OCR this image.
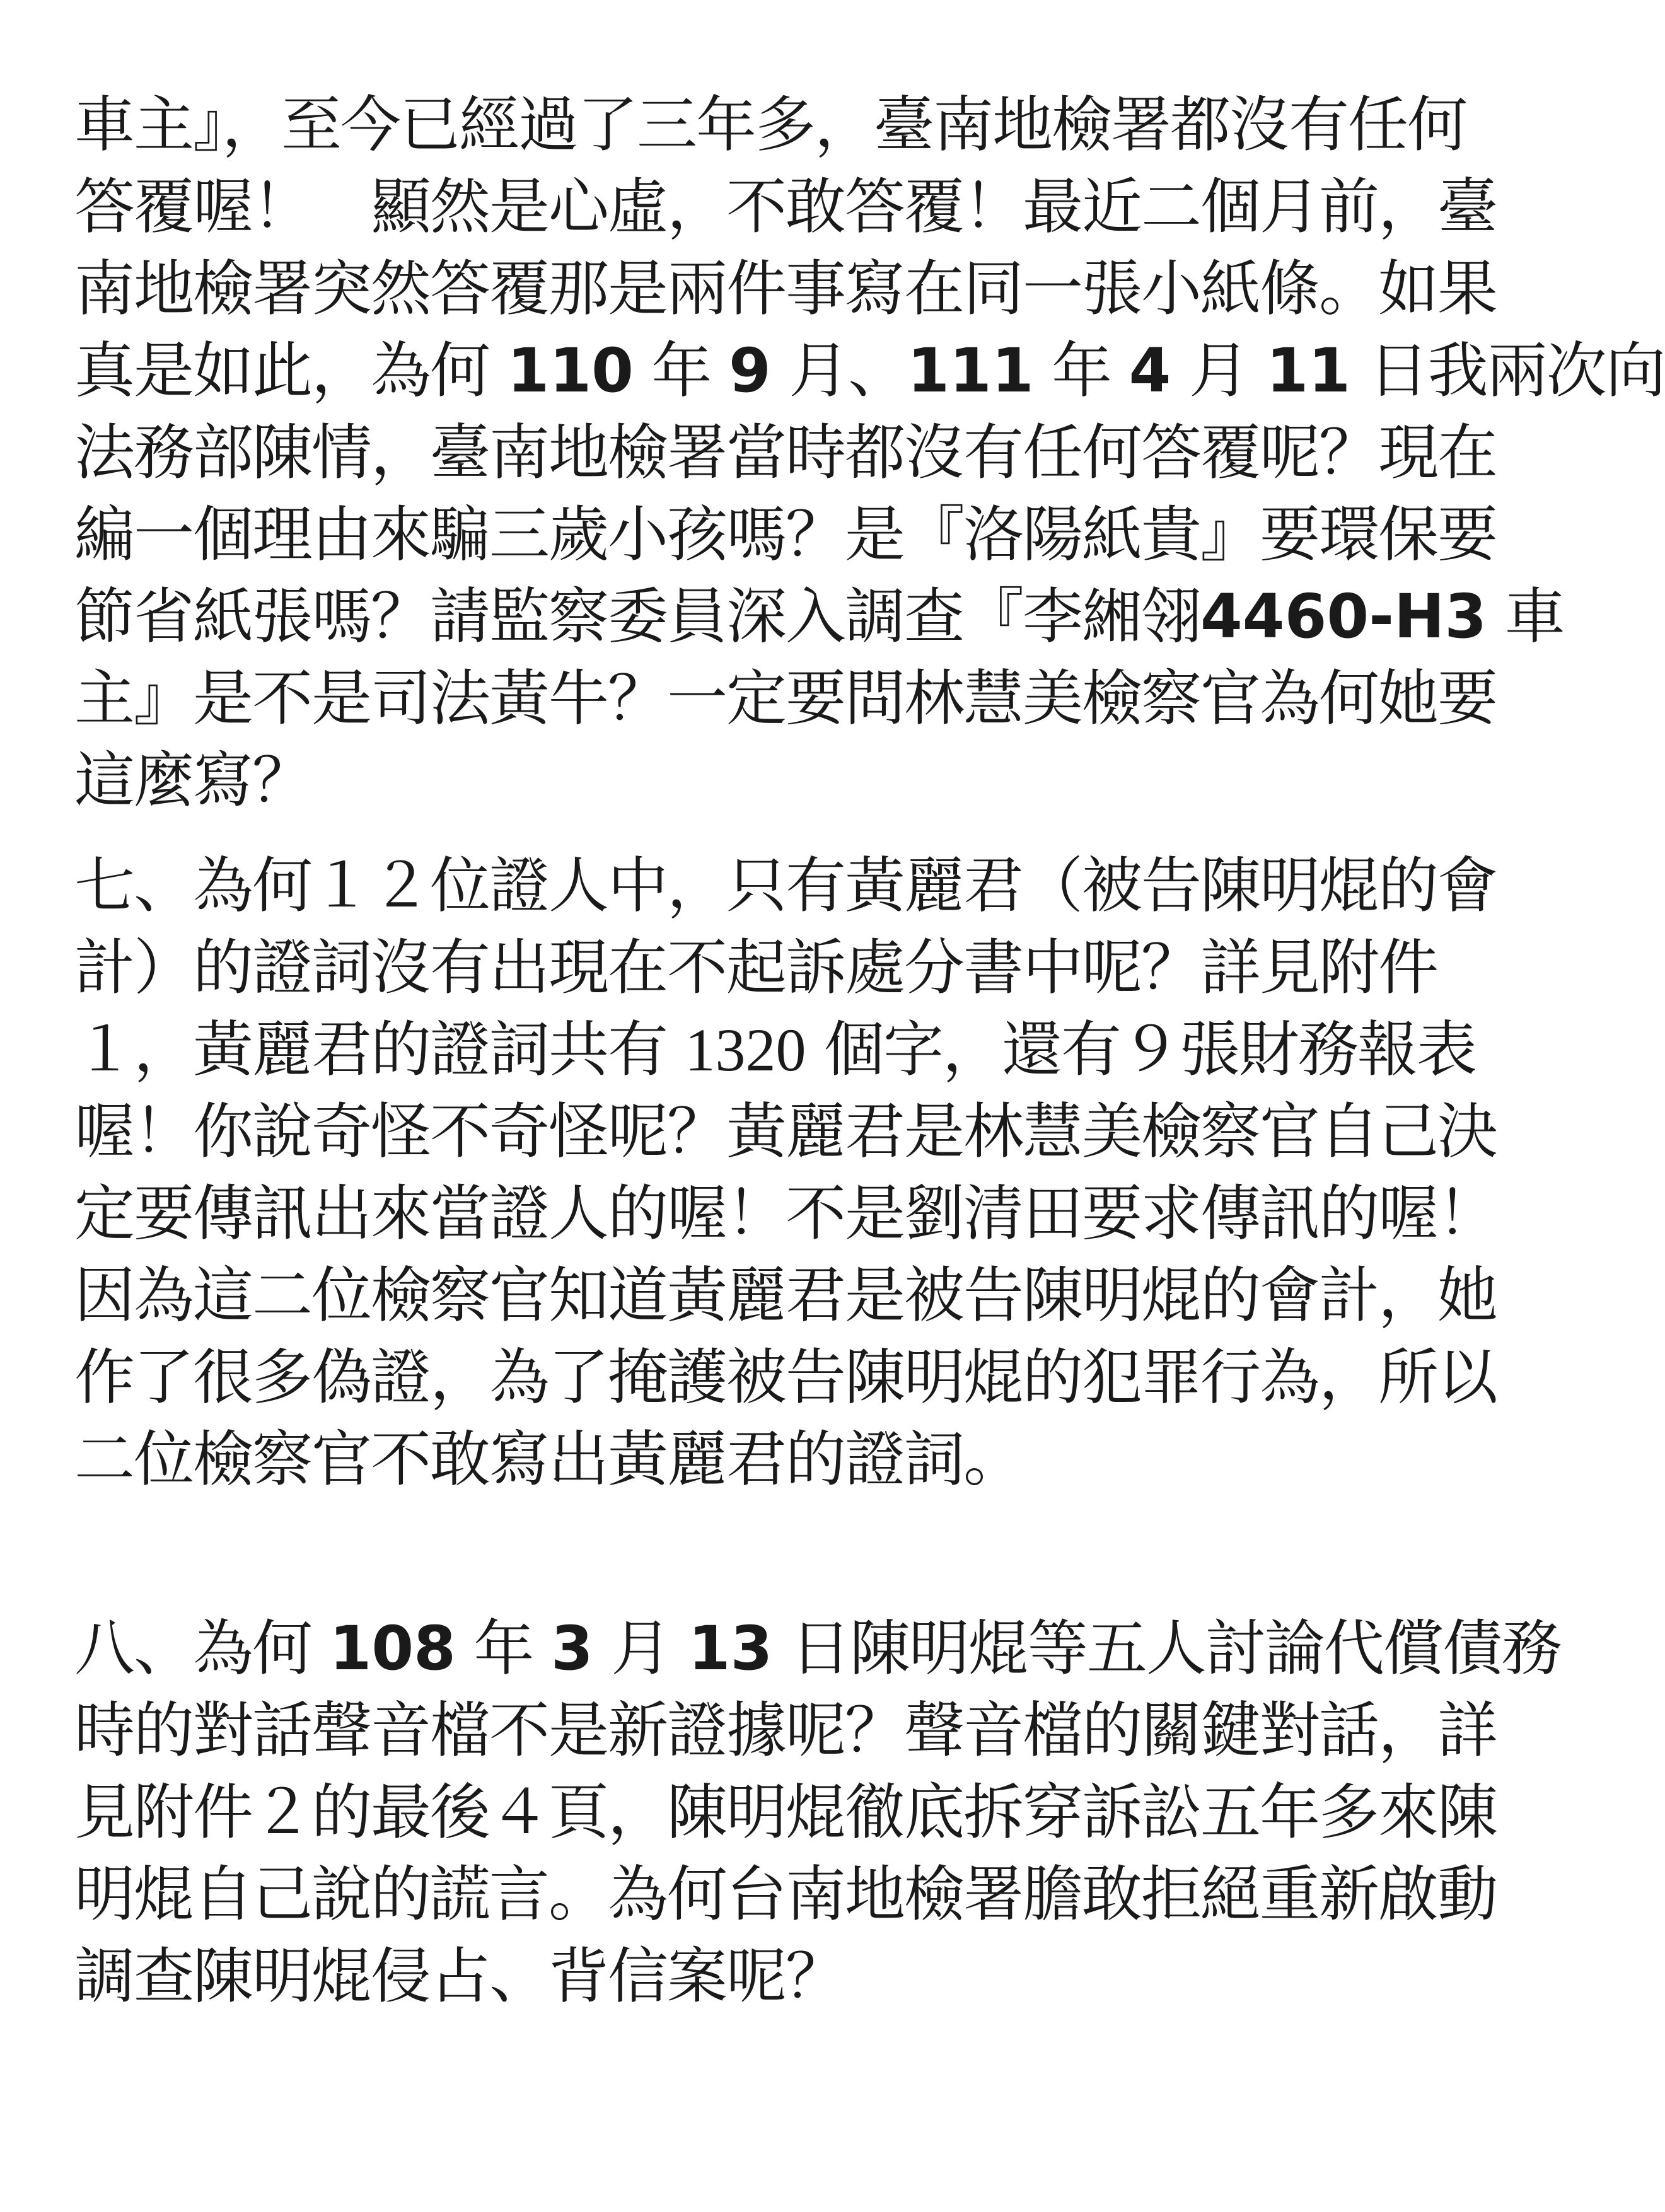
車主』，至今已經過了三年多，臺南地檢署都沒有任何

答覆喔！　顯然是心虛，不敢答覆！最近二個月前，臺

南地檢署突然答覆那是兩件事寫在同一張小紙條。如果

真是如此，為何 110 年 9 月、111 年 4 月 11 日我兩次向

法務部陳情，臺南地檢署當時都沒有任何答覆呢？現在

編一個理由來騙三歲小孩嗎？是『洛陽紙貴』要環保要

節省紙張嗎？請監察委員深入調查『李緗翎4460-H3 車

主』是不是司法黃牛？一定要問林慧美檢察官為何她要

這麼寫？

七、為何１２位證人中，只有黃麗君（被告陳明焜的會

計）的證詞沒有出現在不起訴處分書中呢？詳見附件

１，黃麗君的證詞共有 1320 個字，還有９張財務報表

喔！你說奇怪不奇怪呢？黃麗君是林慧美檢察官自己決

定要傳訊出來當證人的喔！不是劉清田要求傳訊的喔！

因為這二位檢察官知道黃麗君是被告陳明焜的會計，她

作了很多偽證，為了掩護被告陳明焜的犯罪行為，所以

二位檢察官不敢寫出黃麗君的證詞。

八、為何 108 年 3 月 13 日陳明焜等五人討論代償債務

時的對話聲音檔不是新證據呢？聲音檔的關鍵對話，詳

見附件２的最後４頁，陳明焜徹底拆穿訴訟五年多來陳

明焜自己說的謊言。為何台南地檢署膽敢拒絕重新啟動

調查陳明焜侵占、背信案呢？
